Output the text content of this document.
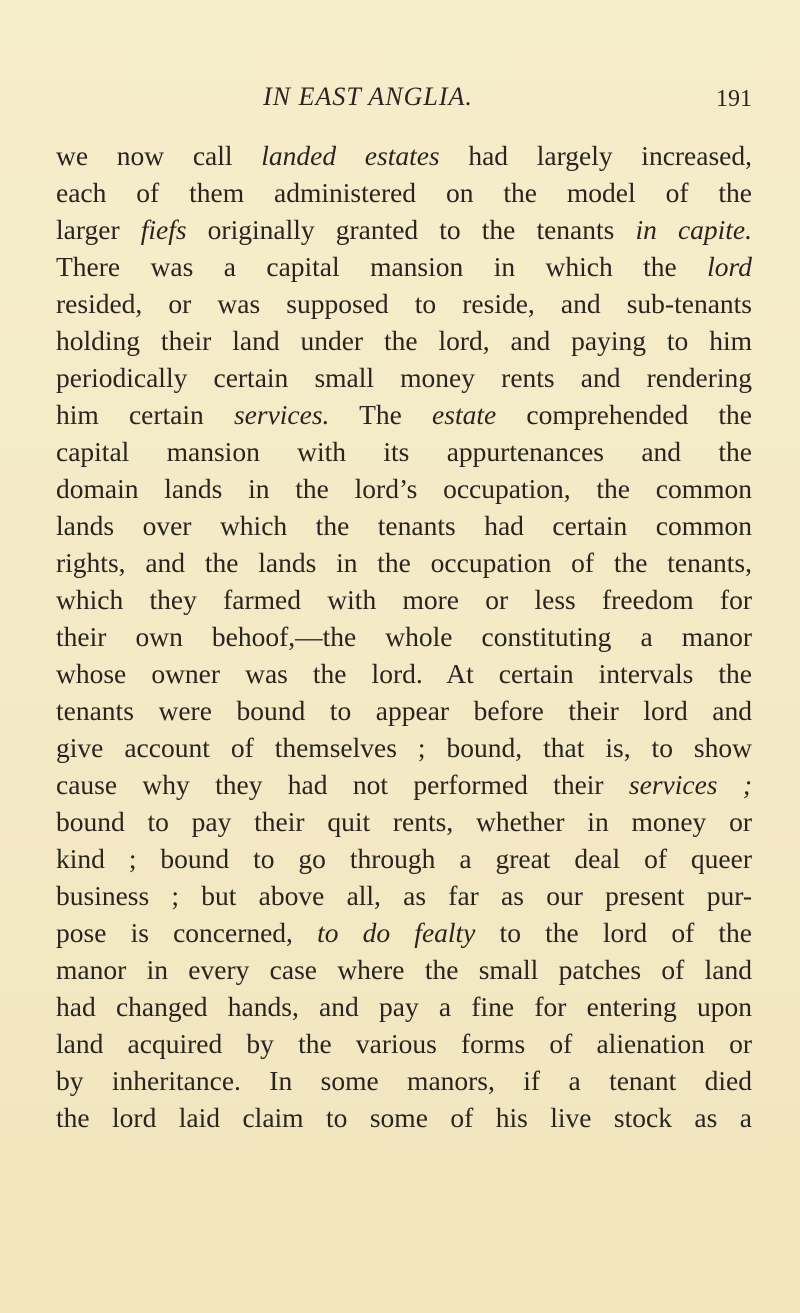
IN EAST ANGLIA.	191
we now call landed estates had largely increased,
each of them administered on the model of the
larger fiefs originally granted to the tenants in capite.
There was a capital mansion in which the lord
resided, or was supposed to reside, and sub-tenants
holding their land under the lord, and paying to him
periodically certain small money rents and rendering
him certain services. The estate comprehended the
capital mansion with its appurtenances and the
domain lands in the lord’s occupation, the common
lands over which the tenants had certain common
rights, and the lands in the occupation of the tenants,
which they farmed with more or less freedom for
their own behoof,—the whole constituting a manor
whose owner was the lord. At certain intervals the
tenants were bound to appear before their lord and
give account of themselves ; bound, that is, to show
cause why they had not performed their services ;
bound to pay their quit rents, whether in money or
kind ; bound to go through a great deal of queer
business ; but above all, as far as our present pur-
pose is concerned, to do fealty to the lord of the
manor in every case where the small patches of land
had changed hands, and pay a fine for entering upon
land acquired by the various forms of alienation or
by inheritance. In some manors, if a tenant died
the lord laid claim to some of his live stock as a
